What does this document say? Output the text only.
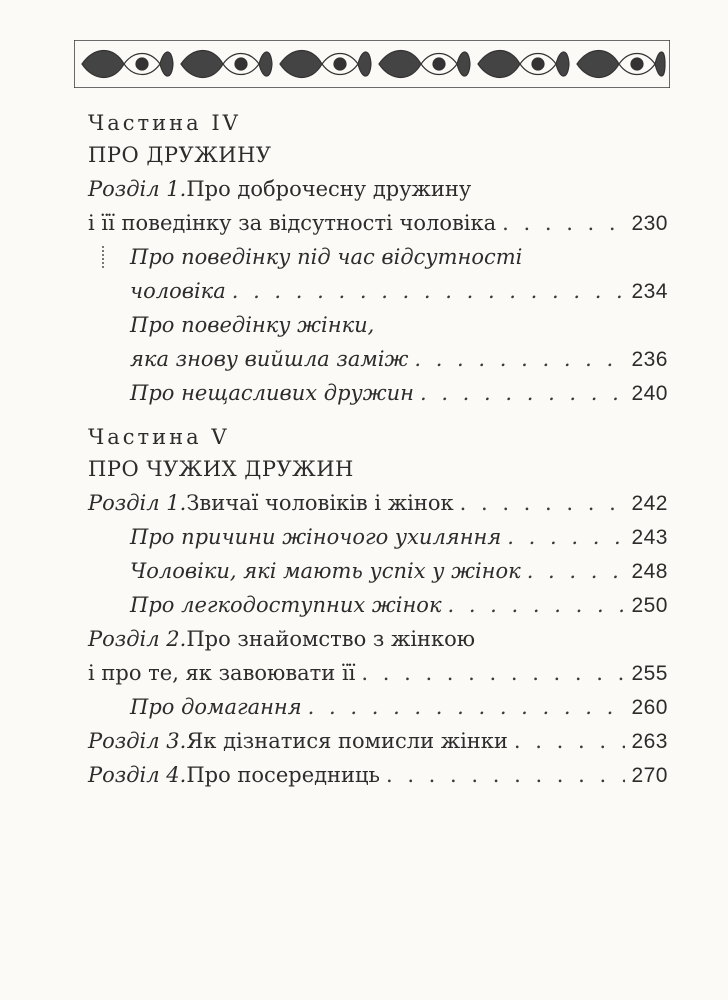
Частина IV
ПРО ДРУЖИНУ
Розділ 1. Про доброчесну дружину
і її поведінку за відсутності чоловіка . . .	230
Про поведінку під час відсутності
чоловіка . . .	234
Про поведінку жінки,
яка знову вийшла заміж . . .	236
Про нещасливих дружин . . .	240
Частина V
ПРО ЧУЖИХ ДРУЖИН
Розділ 1. Звичаї чоловіків і жінок . . .	242
Про причини жіночого ухиляння . . .	243
Чоловіки, які мають успіх у жінок . . .	248
Про легкодоступних жінок . . .	250
Розділ 2. Про знайомство з жінкою
і про те, як завоювати її . . .	255
Про домагання . . .	260
Розділ 3. Як дізнатися помисли жінки . . .	263
Розділ 4. Про посередниць . . .	270
